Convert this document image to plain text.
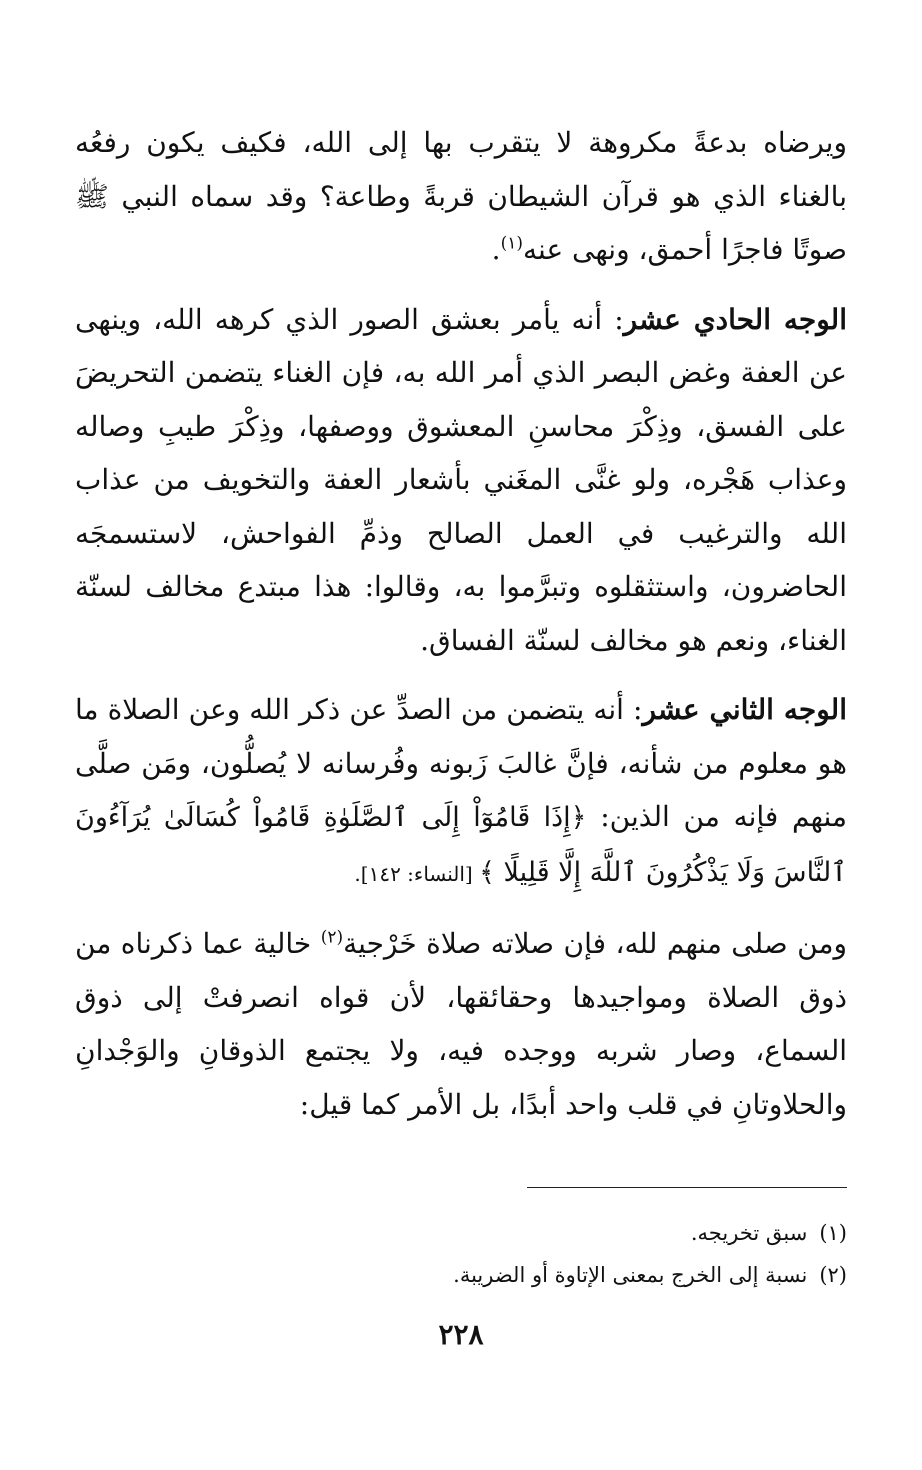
ويرضاه بدعةً مكروهة لا يتقرب بها إلى الله، فكيف يكون رفعُه بالغناء الذي هو قرآن الشيطان قربةً وطاعة؟ وقد سماه النبي ﷺ صوتًا فاجرًا أحمق، ونهى عنه$^{(١)}$.

الوجه الحادي عشر: أنه يأمر بعشق الصور الذي كرهه الله، وينهى عن العفة وغض البصر الذي أمر الله به، فإن الغناء يتضمن التحريضَ على الفسق، وذِكْرَ محاسنِ المعشوق ووصفها، وذِكْرَ طيبِ وصاله وعذاب هَجْره، ولو غنَّى المغَني بأشعار العفة والتخويف من عذاب الله والترغيب في العمل الصالح وذمِّ الفواحش، لاستسمجَه الحاضرون، واستثقلوه وتبرَّموا به، وقالوا: هذا مبتدع مخالف لسنّة الغناء، ونعم هو مخالف لسنّة الفساق.

الوجه الثاني عشر: أنه يتضمن من الصدِّ عن ذكر الله وعن الصلاة ما هو معلوم من شأنه، فإنَّ غالبَ زَبونه وفُرسانه لا يُصلُّون، ومَن صلَّى منهم فإنه من الذين: ﴿إِذَا قَامُوٓاْ إِلَى ٱلصَّلَوٰةِ قَامُواْ كُسَالَىٰ يُرَآءُونَ ٱلنَّاسَ وَلَا يَذْكُرُونَ ٱللَّهَ إِلَّا قَلِيلًا ﴾ [النساء: ١٤٢].

ومن صلى منهم لله، فإن صلاته صلاة خَرْجية$^{(٢)}$ خالية عما ذكرناه من ذوق الصلاة ومواجيدها وحقائقها، لأن قواه انصرفتْ إلى ذوق السماع، وصار شربه ووجده فيه، ولا يجتمع الذوقانِ والوَجْدانِ والحلاوتانِ في قلب واحد أبدًا، بل الأمر كما قيل:

(١)
سبق تخريجه.
(٢)
نسبة إلى الخرج بمعنى الإتاوة أو الضريبة.
٢٢٨
